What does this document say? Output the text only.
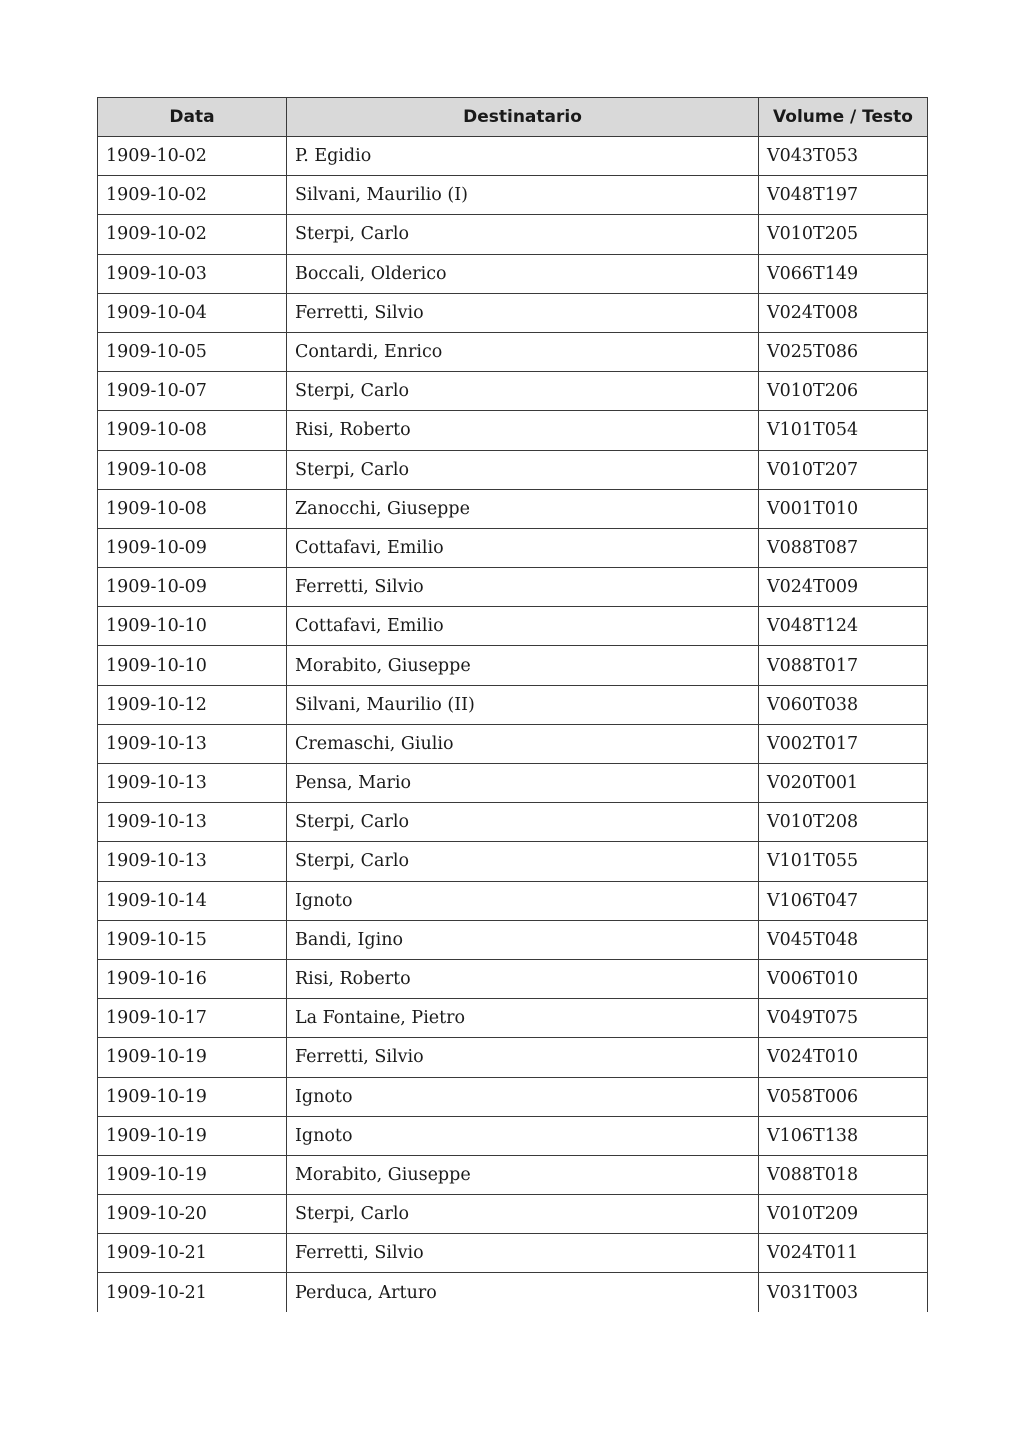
Data	Destinatario	Volume / Testo
1909-10-02	P. Egidio	V043T053
1909-10-02	Silvani, Maurilio (I)	V048T197
1909-10-02	Sterpi, Carlo	V010T205
1909-10-03	Boccali, Olderico	V066T149
1909-10-04	Ferretti, Silvio	V024T008
1909-10-05	Contardi, Enrico	V025T086
1909-10-07	Sterpi, Carlo	V010T206
1909-10-08	Risi, Roberto	V101T054
1909-10-08	Sterpi, Carlo	V010T207
1909-10-08	Zanocchi, Giuseppe	V001T010
1909-10-09	Cottafavi, Emilio	V088T087
1909-10-09	Ferretti, Silvio	V024T009
1909-10-10	Cottafavi, Emilio	V048T124
1909-10-10	Morabito, Giuseppe	V088T017
1909-10-12	Silvani, Maurilio (II)	V060T038
1909-10-13	Cremaschi, Giulio	V002T017
1909-10-13	Pensa, Mario	V020T001
1909-10-13	Sterpi, Carlo	V010T208
1909-10-13	Sterpi, Carlo	V101T055
1909-10-14	Ignoto	V106T047
1909-10-15	Bandi, Igino	V045T048
1909-10-16	Risi, Roberto	V006T010
1909-10-17	La Fontaine, Pietro	V049T075
1909-10-19	Ferretti, Silvio	V024T010
1909-10-19	Ignoto	V058T006
1909-10-19	Ignoto	V106T138
1909-10-19	Morabito, Giuseppe	V088T018
1909-10-20	Sterpi, Carlo	V010T209
1909-10-21	Ferretti, Silvio	V024T011
1909-10-21	Perduca, Arturo	V031T003
